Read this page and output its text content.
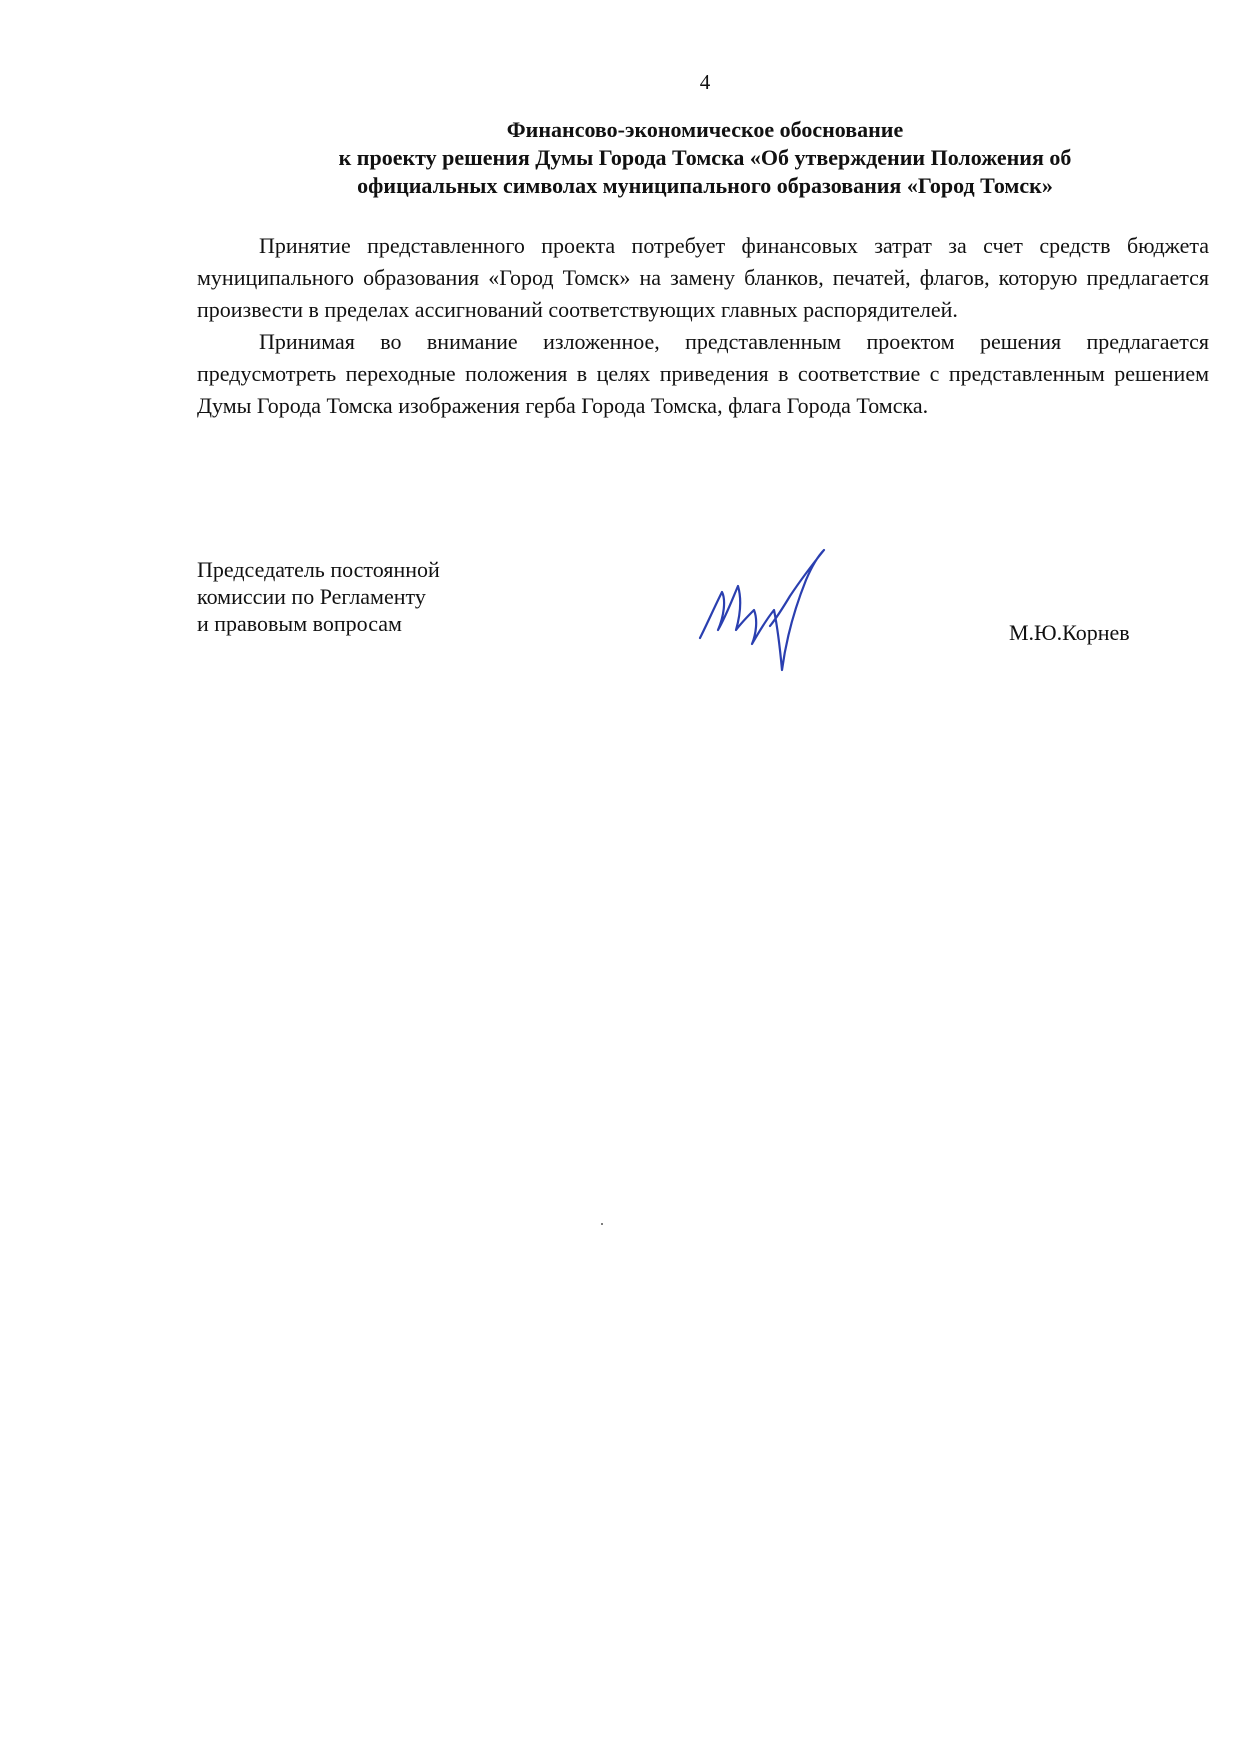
4
Финансово-экономическое обоснование
к проекту решения Думы Города Томска «Об утверждении Положения об
официальных символах муниципального образования «Город Томск»

Принятие представленного проекта потребует финансовых затрат за счет средств бюджета муниципального образования «Город Томск» на замену бланков, печатей, флагов, которую предлагается произвести в пределах ассигнований соответствующих главных распорядителей.

Принимая во внимание изложенное, представленным проектом решения предлагается предусмотреть переходные положения в целях приведения в соответствие с представленным решением Думы Города Томска изображения герба Города Томска, флага Города Томска.

Председатель постоянной
комиссии по Регламенту
и правовым вопросам	М.Ю.Корнев
